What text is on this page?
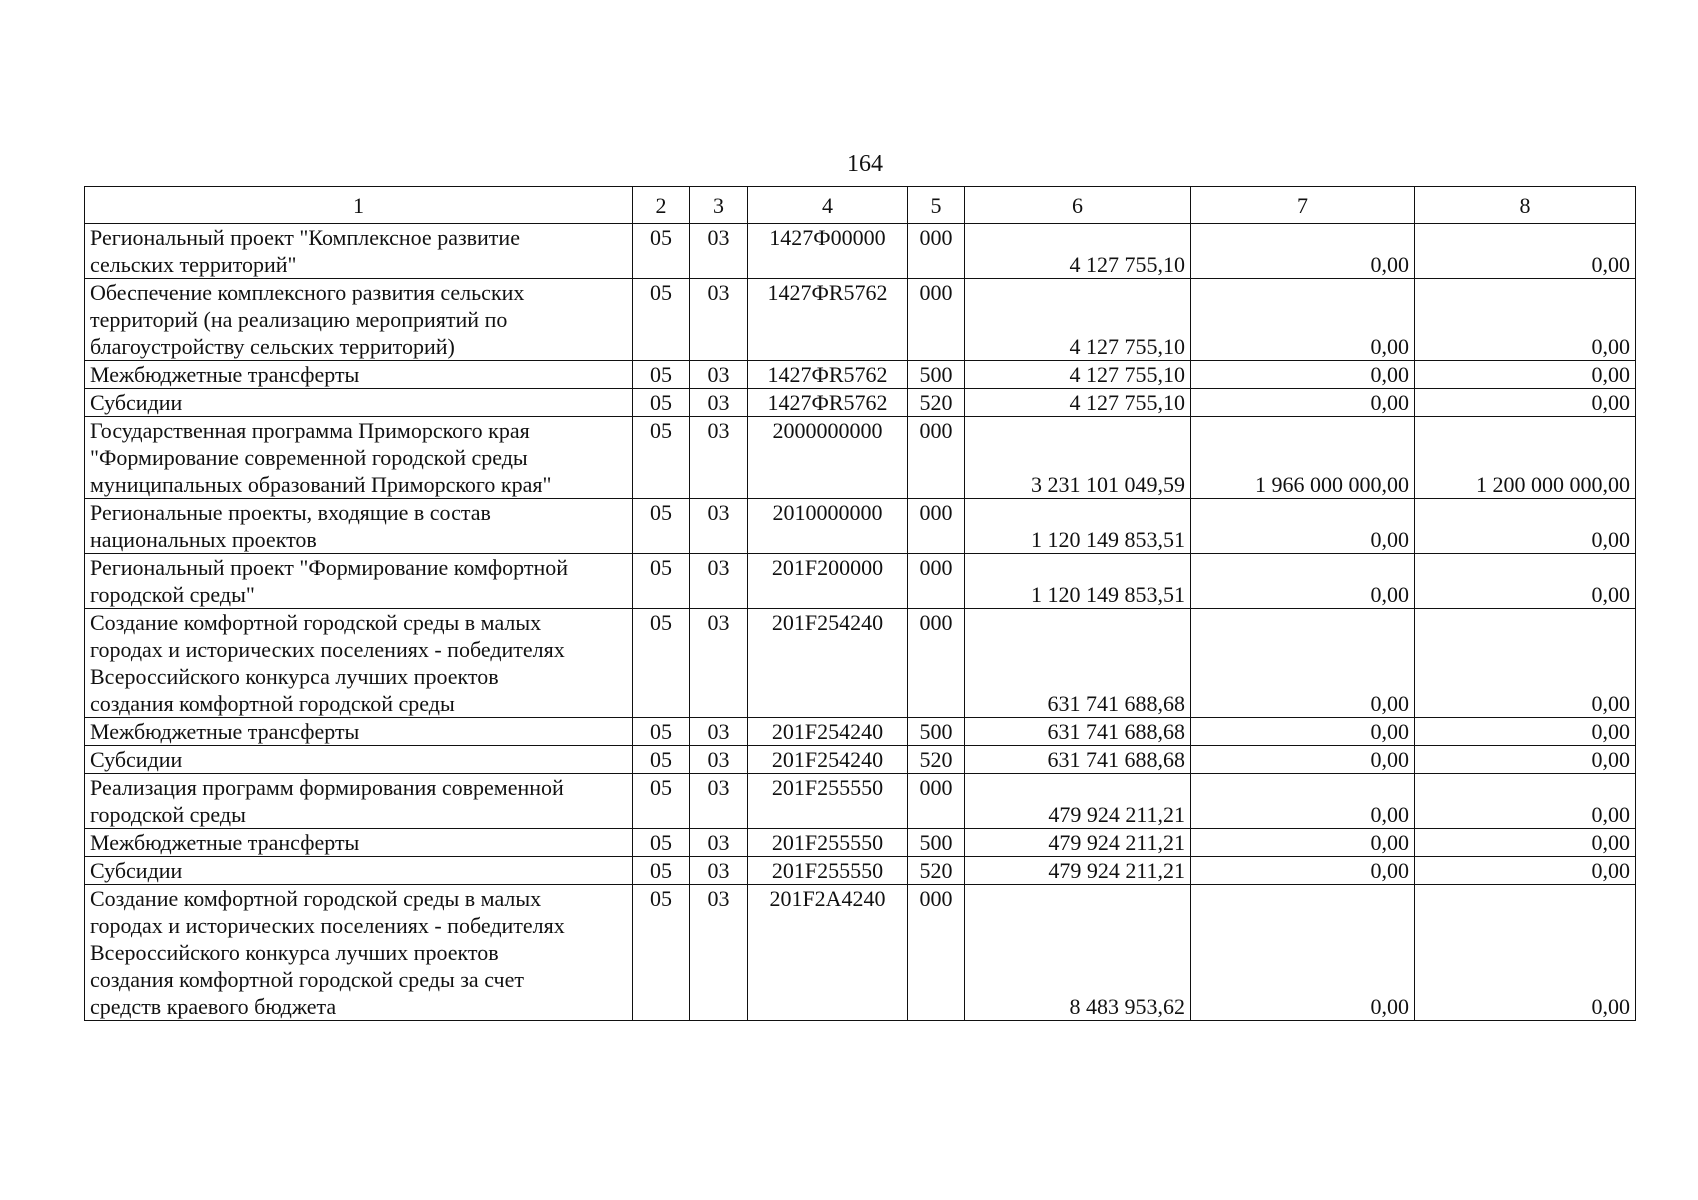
164
1	2	3	4	5	6	7	8
Региональный проект "Комплексное развитие
сельских территорий"	05	03	1427Ф00000	000	4 127 755,10	0,00	0,00
Обеспечение комплексного развития сельских
территорий (на реализацию мероприятий по
благоустройству сельских территорий)	05	03	1427ФR5762	000	4 127 755,10	0,00	0,00
Межбюджетные трансферты	05	03	1427ФR5762	500	4 127 755,10	0,00	0,00
Субсидии	05	03	1427ФR5762	520	4 127 755,10	0,00	0,00
Государственная программа Приморского края
"Формирование современной городской среды
муниципальных образований Приморского края"	05	03	2000000000	000	3 231 101 049,59	1 966 000 000,00	1 200 000 000,00
Региональные проекты, входящие в состав
национальных проектов	05	03	2010000000	000	1 120 149 853,51	0,00	0,00
Региональный проект "Формирование комфортной
городской среды"	05	03	201F200000	000	1 120 149 853,51	0,00	0,00
Создание комфортной городской среды в малых
городах и исторических поселениях - победителях
Всероссийского конкурса лучших проектов
создания комфортной городской среды	05	03	201F254240	000	631 741 688,68	0,00	0,00
Межбюджетные трансферты	05	03	201F254240	500	631 741 688,68	0,00	0,00
Субсидии	05	03	201F254240	520	631 741 688,68	0,00	0,00
Реализация программ формирования современной
городской среды	05	03	201F255550	000	479 924 211,21	0,00	0,00
Межбюджетные трансферты	05	03	201F255550	500	479 924 211,21	0,00	0,00
Субсидии	05	03	201F255550	520	479 924 211,21	0,00	0,00
Создание комфортной городской среды в малых
городах и исторических поселениях - победителях
Всероссийского конкурса лучших проектов
создания комфортной городской среды за счет
средств краевого бюджета	05	03	201F2A4240	000	8 483 953,62	0,00	0,00
